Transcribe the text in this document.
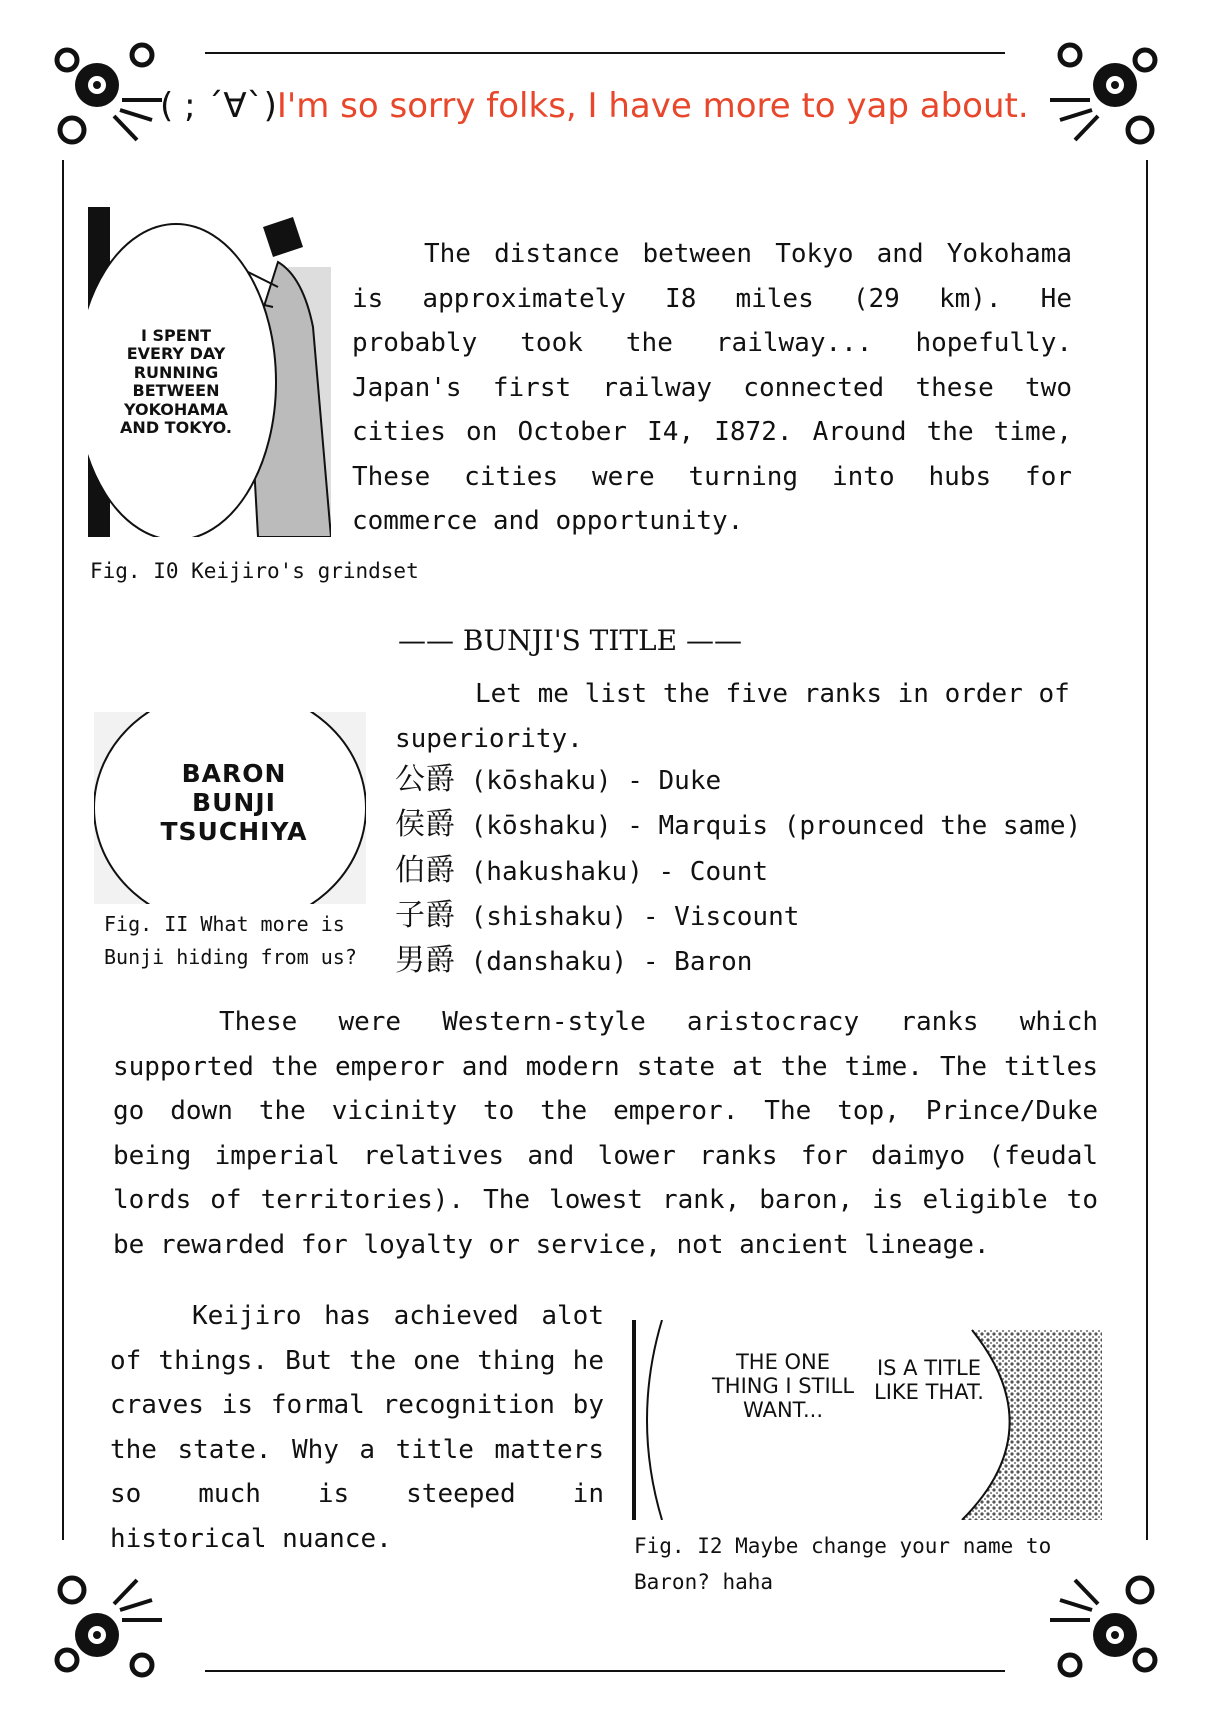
( ; ´∀`)I'm so sorry folks, I have more to yap about.
I SPENT EVERY DAY RUNNING BETWEEN YOKOHAMA AND TOKYO.
Fig. I0 Keijiro's grindset

The distance between Tokyo and Yokohama is approximately I8 miles (29 km). He probably took the railway... hopefully. Japan's first railway connected these two cities on October I4, I872. Around the time, These cities were turning into hubs for commerce and opportunity.

—— BUNJI'S TITLE ——
BARON
BUNJI
TSUCHIYA
Fig. II What more is
Bunji hiding from us?

Let me list the five ranks in order of superiority.

公爵 (kōshaku) - Duke
侯爵 (kōshaku) - Marquis (prounced the same)
伯爵 (hakushaku) - Count
子爵 (shishaku) - Viscount
男爵 (danshaku) - Baron

These were Western-style aristocracy ranks which supported the emperor and modern state at the time. The titles go down the vicinity to the emperor. The top, Prince/Duke being imperial relatives and lower ranks for daimyo (feudal lords of territories). The lowest rank, baron, is eligible to be rewarded for loyalty or service, not ancient lineage.

Keijiro has achieved alot of things. But the one thing he craves is formal recognition by the state. Why a title matters so much is steeped in historical nuance.

THE ONE THING I STILL WANT...
IS A TITLE LIKE THAT.
Fig. I2 Maybe change your name to
Baron? haha
